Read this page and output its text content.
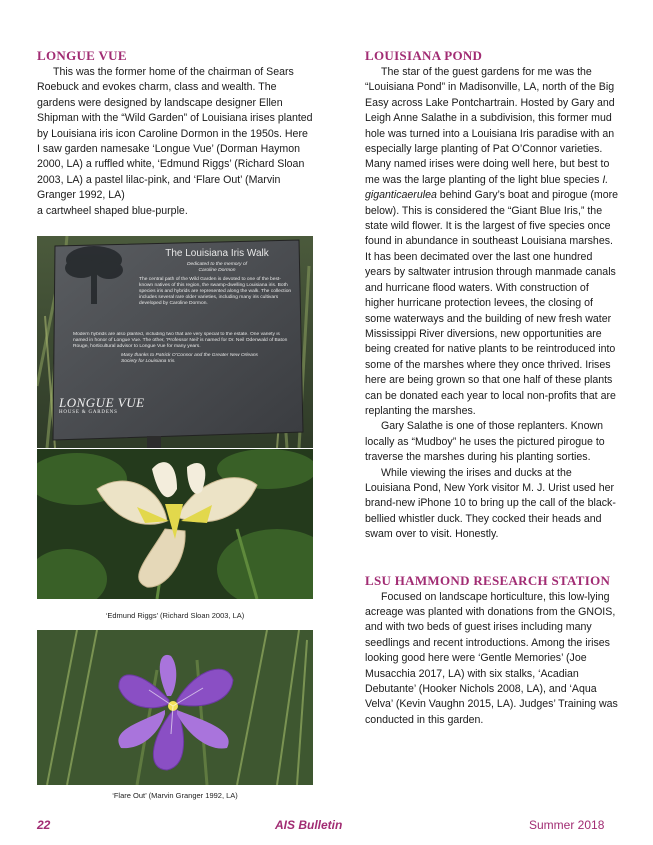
LONGUE VUE

This was the former home of the chairman of Sears Roebuck and evokes charm, class and wealth. The gardens were designed by landscape designer Ellen Shipman with the “Wild Garden” of Louisiana irises planted by Louisiana iris icon Caroline Dormon in the 1950s. Here I saw garden namesake ‘Longue Vue’ (Dorman Haymon 2000, LA) a ruffled white, ‘Edmund Riggs’ (Richard Sloan 2003, LA) a pastel lilac-pink, and ‘Flare Out’ (Marvin Granger 1992, LA)

a cartwheel shaped blue-purple.

The Louisiana Iris Walk
Dedicated to the memory of
Caroline Dormon
The central path of the Wild Garden is devoted to one of the best-known natives of this region, the swamp-dwelling Louisiana iris. Both species iris and hybrids are represented along the walk. The collection includes several rare older varieties, including many iris cultivars developed by Caroline Dormon.
Modern hybrids are also planted, including two that are very special to the estate. One variety is named in honor of Longue Vue. The other, ‘Professor Neil’ is named for Dr. Neil Odenwald of Baton Rouge, horticultural advisor to Longue Vue for many years.
Many thanks to Patrick O’Connor and the Greater New Orleans Society for Louisiana Iris.
LONGUE VUE
HOUSE & GARDENS
‘Edmund Riggs’ (Richard Sloan 2003, LA)
‘Flare Out’ (Marvin Granger 1992, LA)
LOUISIANA POND

The star of the guest gardens for me was the “Louisiana Pond” in Madisonville, LA, north of the Big Easy across Lake Pontchartrain. Hosted by Gary and Leigh Anne Salathe in a subdivision, this former mud hole was turned into a Louisiana Iris paradise with an especially large planting of Pat O’Connor varieties. Many named irises were doing well here, but best to me was the large planting of the light blue species I. giganticaerulea behind Gary’s boat and pirogue (more below). This is considered the “Giant Blue Iris,” the state wild flower. It is the largest of five species once found in abundance in southeast Louisiana marshes. It has been decimated over the last one hundred years by saltwater intrusion through manmade canals and hurricane flood waters. With construction of higher hurricane protection levees, the closing of some waterways and the building of new fresh water Mississippi River diversions, new opportunities are being created for native plants to be reintroduced into some of the marshes where they once thrived. Irises here are being grown so that one half of these plants can be donated each year to local non-profits that are replanting the marshes.

Gary Salathe is one of those replanters. Known locally as “Mudboy” he uses the pictured pirogue to traverse the marshes during his planting sorties.

While viewing the irises and ducks at the Louisiana Pond, New York visitor M. J. Urist used her brand-new iPhone 10 to bring up the call of the black-bellied whistler duck. They cocked their heads and swam over to visit. Honestly.

LSU HAMMOND RESEARCH STATION

Focused on landscape horticulture, this low-lying acreage was planted with donations from the GNOIS, and with two beds of guest irises including many seedlings and recent introductions. Among the irises looking good here were ‘Gentle Memories’ (Joe Musacchia 2017, LA) with six stalks, ‘Acadian Debutante’ (Hooker Nichols 2008, LA), and ‘Aqua Velva’ (Kevin Vaughn 2015, LA). Judges’ Training was conducted in this garden.

22	AIS Bulletin	Summer 2018
